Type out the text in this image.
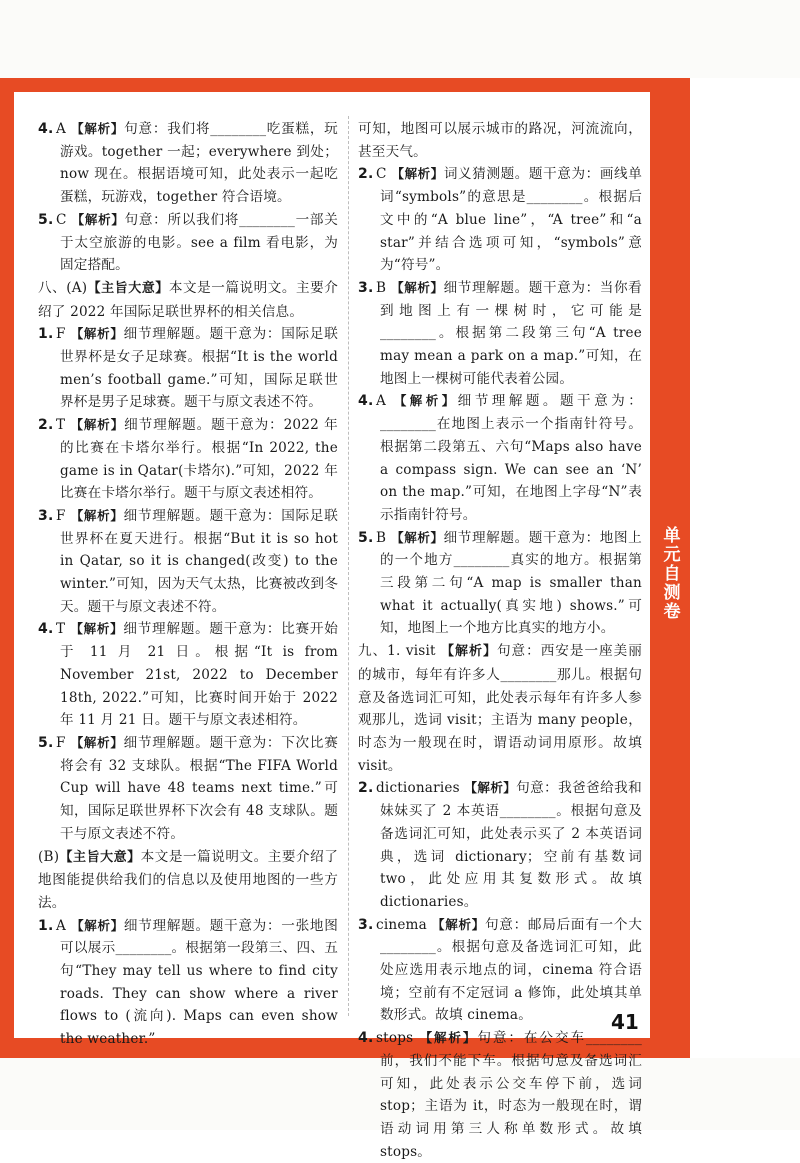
4. A 【解析】句意：我们将________吃蛋糕，玩游戏。together 一起；everywhere 到处；now 现在。根据语境可知，此处表示一起吃蛋糕，玩游戏，together 符合语境。

5. C 【解析】句意：所以我们将________一部关于太空旅游的电影。see a film 看电影，为固定搭配。

八、(A)【主旨大意】本文是一篇说明文。主要介绍了 2022 年国际足联世界杯的相关信息。

1. F 【解析】细节理解题。题干意为：国际足联世界杯是女子足球赛。根据“It is the world men’s football game.”可知，国际足联世界杯是男子足球赛。题干与原文表述不符。

2. T 【解析】细节理解题。题干意为：2022 年的比赛在卡塔尔举行。根据“In 2022, the game is in Qatar(卡塔尔).”可知，2022 年比赛在卡塔尔举行。题干与原文表述相符。

3. F 【解析】细节理解题。题干意为：国际足联世界杯在夏天进行。根据“But it is so hot in Qatar, so it is changed(改变) to the winter.”可知，因为天气太热，比赛被改到冬天。题干与原文表述不符。

4. T 【解析】细节理解题。题干意为：比赛开始于 11 月 21 日。根据“It is from November 21st, 2022 to December 18th, 2022.”可知，比赛时间开始于 2022 年 11 月 21 日。题干与原文表述相符。

5. F 【解析】细节理解题。题干意为：下次比赛将会有 32 支球队。根据“The FIFA World Cup will have 48 teams next time.”可知，国际足联世界杯下次会有 48 支球队。题干与原文表述不符。

(B)【主旨大意】本文是一篇说明文。主要介绍了地图能提供给我们的信息以及使用地图的一些方法。

1. A 【解析】细节理解题。题干意为：一张地图可以展示________。根据第一段第三、四、五句“They may tell us where to find city roads. They can show where a river flows to (流向). Maps can even show the weather.”

可知，地图可以展示城市的路况，河流流向，甚至天气。

2. C 【解析】词义猜测题。题干意为：画线单词“symbols”的意思是________。根据后文中的“A blue line”，“A tree”和“a star”并结合选项可知，“symbols”意为“符号”。

3. B 【解析】细节理解题。题干意为：当你看到地图上有一棵树时，它可能是________。根据第二段第三句“A tree may mean a park on a map.”可知，在地图上一棵树可能代表着公园。

4. A 【解析】细节理解题。题干意为：________在地图上表示一个指南针符号。根据第二段第五、六句“Maps also have a compass sign. We can see an ‘N’ on the map.”可知，在地图上字母“N”表示指南针符号。

5. B 【解析】细节理解题。题干意为：地图上的一个地方________真实的地方。根据第三段第二句“A map is smaller than what it actually(真实地) shows.”可知，地图上一个地方比真实的地方小。

九、1. visit 【解析】句意：西安是一座美丽的城市，每年有许多人________那儿。根据句意及备选词汇可知，此处表示每年有许多人参观那儿，选词 visit；主语为 many people，时态为一般现在时，谓语动词用原形。故填visit。

2. dictionaries 【解析】句意：我爸爸给我和妹妹买了 2 本英语________。根据句意及备选词汇可知，此处表示买了 2 本英语词典，选词 dictionary；空前有基数词 two，此处应用其复数形式。故填 dictionaries。

3. cinema 【解析】句意：邮局后面有一个大________。根据句意及备选词汇可知，此处应选用表示地点的词，cinema 符合语境；空前有不定冠词 a 修饰，此处填其单数形式。故填 cinema。

4. stops 【解析】句意：在公交车________前，我们不能下车。根据句意及备选词汇可知，此处表示公交车停下前，选词 stop；主语为 it，时态为一般现在时，谓语动词用第三人称单数形式。故填 stops。

单元自测卷
41
